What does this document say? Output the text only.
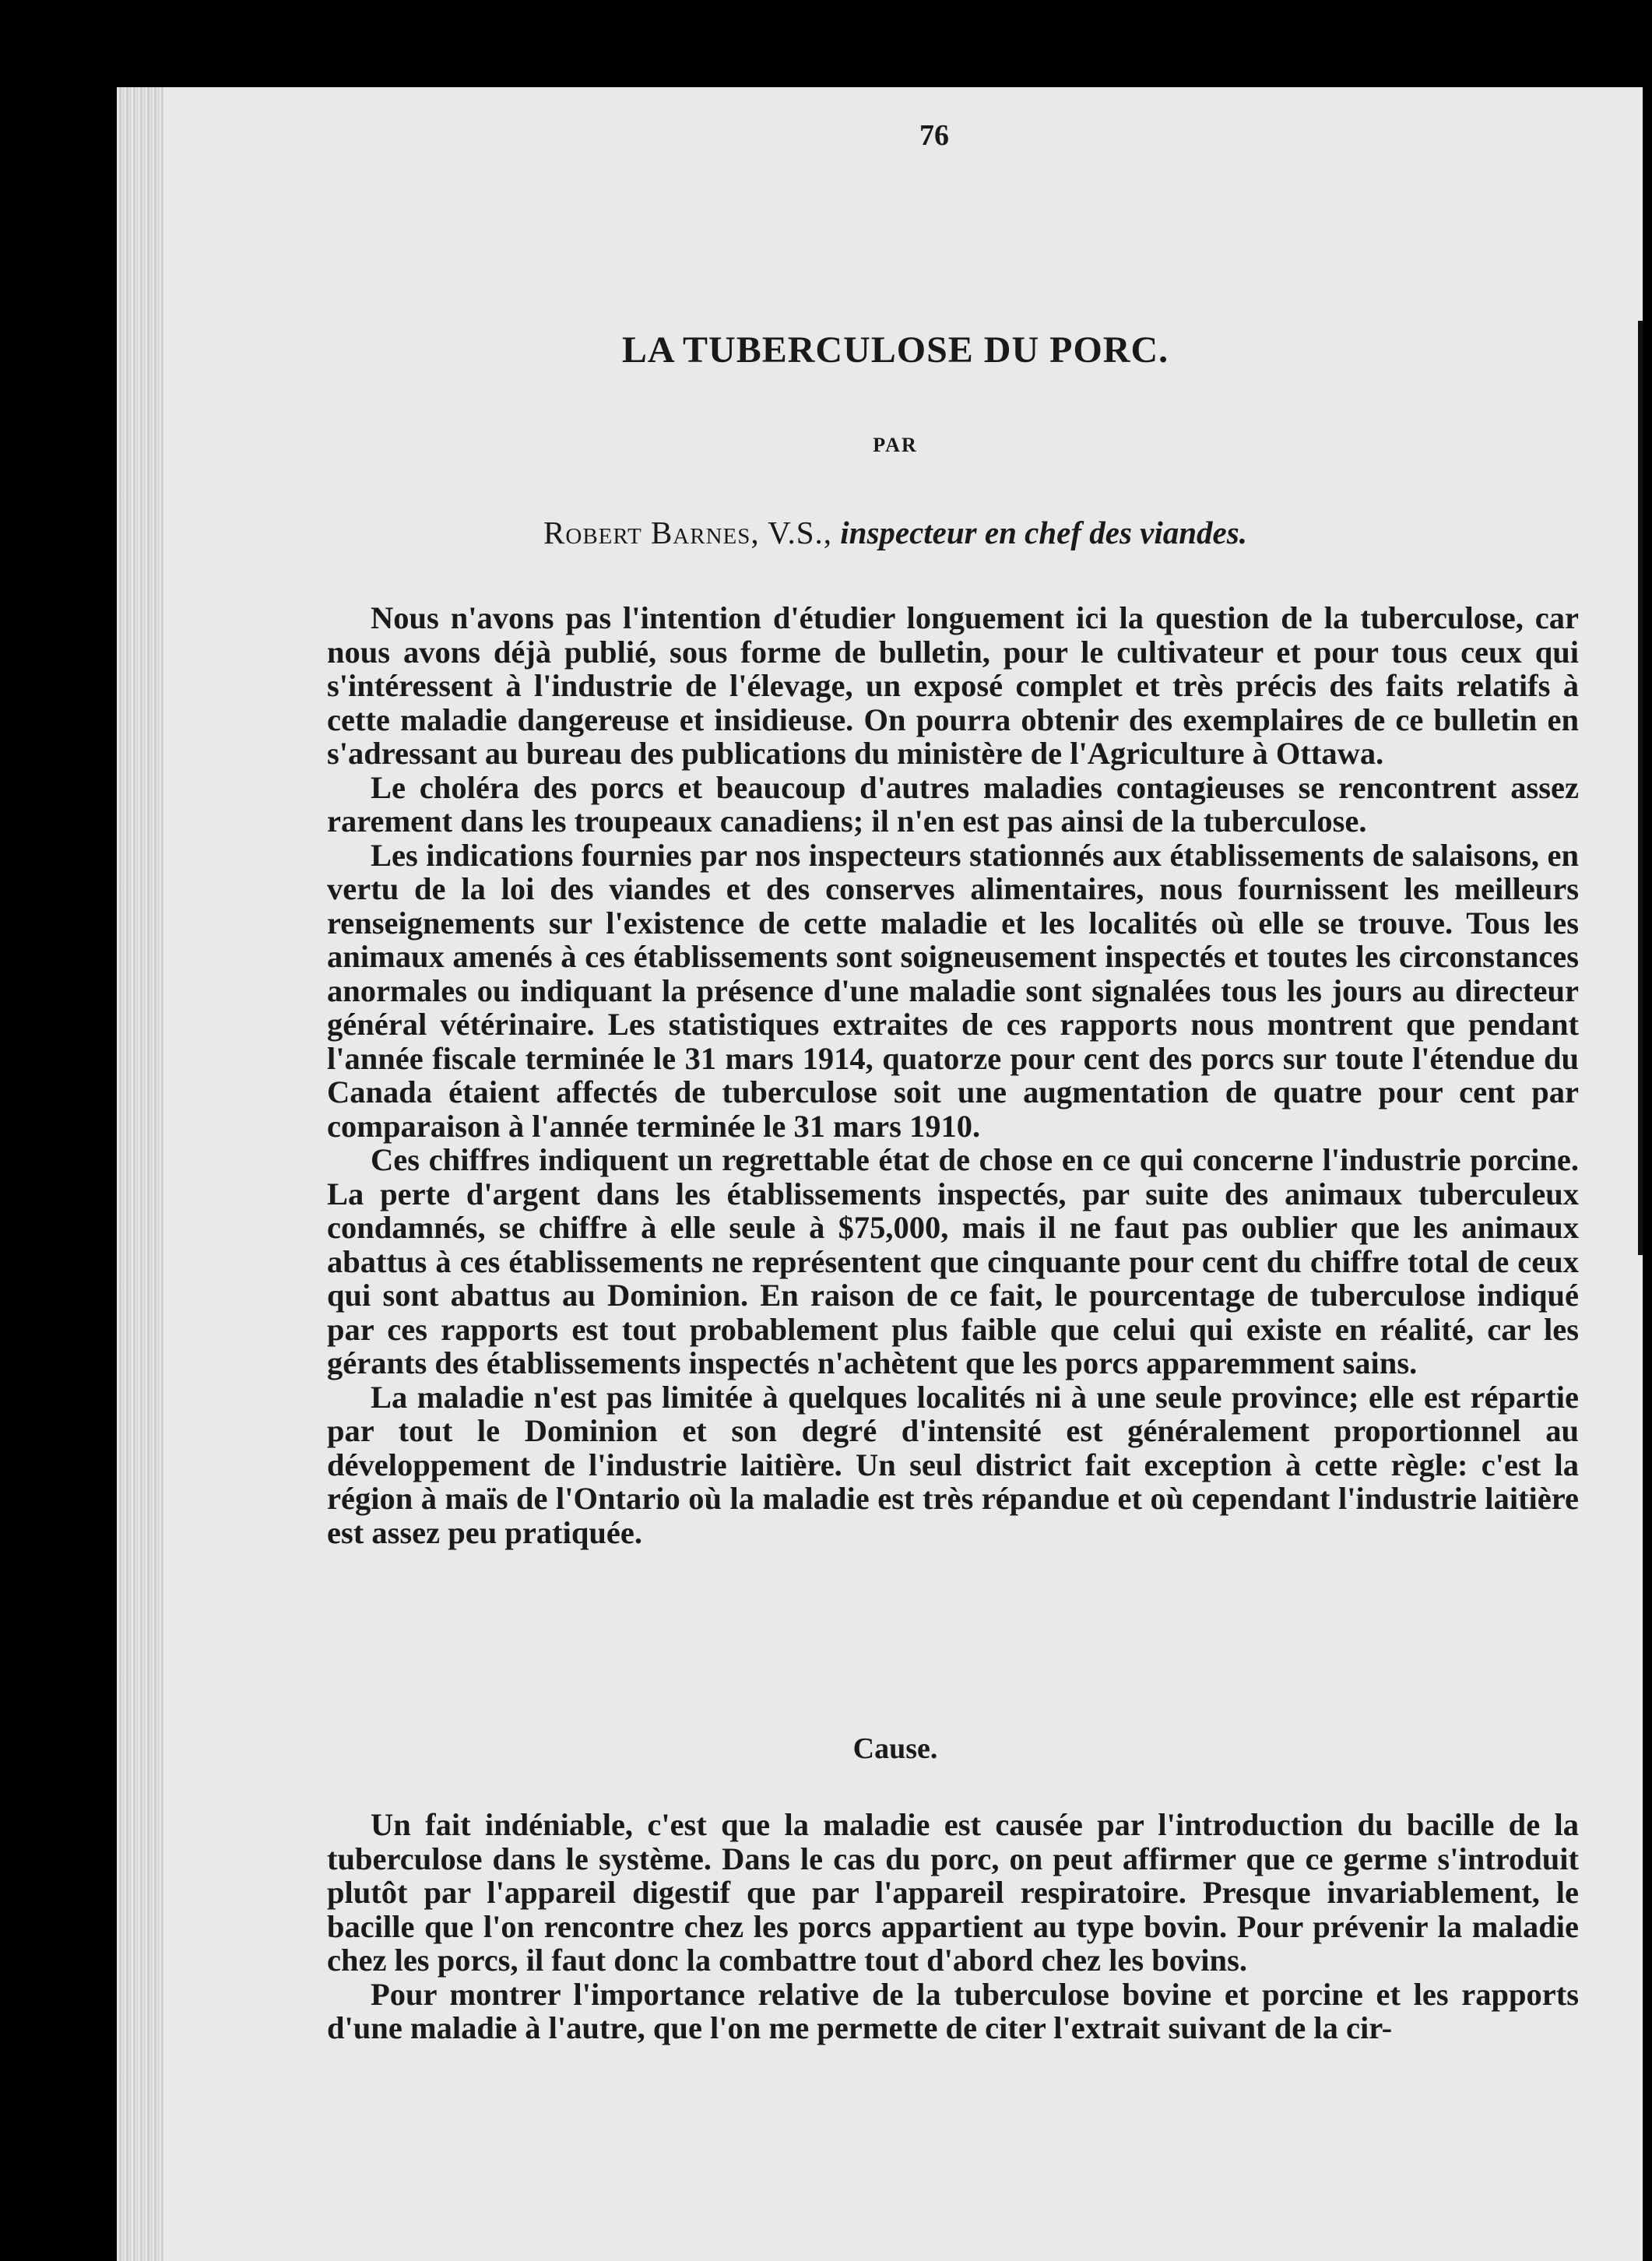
76
LA TUBERCULOSE DU PORC.
PAR
Robert Barnes, V.S., inspecteur en chef des viandes.

Nous n'avons pas l'intention d'étudier longuement ici la question de la tuberculose, car nous avons déjà publié, sous forme de bulletin, pour le cultivateur et pour tous ceux qui s'intéressent à l'industrie de l'élevage, un exposé complet et très précis des faits relatifs à cette maladie dangereuse et insidieuse. On pourra obtenir des exemplaires de ce bulletin en s'adressant au bureau des publications du ministère de l'Agriculture à Ottawa.

Le choléra des porcs et beaucoup d'autres maladies contagieuses se rencontrent assez rarement dans les troupeaux canadiens; il n'en est pas ainsi de la tuberculose.

Les indications fournies par nos inspecteurs stationnés aux établissements de salaisons, en vertu de la loi des viandes et des conserves alimentaires, nous fournissent les meilleurs renseignements sur l'existence de cette maladie et les localités où elle se trouve. Tous les animaux amenés à ces établissements sont soigneusement inspectés et toutes les circonstances anormales ou indiquant la présence d'une maladie sont signalées tous les jours au directeur général vétérinaire. Les statistiques extraites de ces rapports nous montrent que pendant l'année fiscale terminée le 31 mars 1914, quatorze pour cent des porcs sur toute l'étendue du Canada étaient affectés de tuberculose soit une augmentation de quatre pour cent par comparaison à l'année terminée le 31 mars 1910.

Ces chiffres indiquent un regrettable état de chose en ce qui concerne l'industrie porcine. La perte d'argent dans les établissements inspectés, par suite des animaux tuberculeux condamnés, se chiffre à elle seule à $75,000, mais il ne faut pas oublier que les animaux abattus à ces établissements ne représentent que cinquante pour cent du chiffre total de ceux qui sont abattus au Dominion. En raison de ce fait, le pourcentage de tuberculose indiqué par ces rapports est tout probablement plus faible que celui qui existe en réalité, car les gérants des établissements inspectés n'achètent que les porcs apparemment sains.

La maladie n'est pas limitée à quelques localités ni à une seule province; elle est répartie par tout le Dominion et son degré d'intensité est généralement proportionnel au développement de l'industrie laitière. Un seul district fait exception à cette règle: c'est la région à maïs de l'Ontario où la maladie est très répandue et où cependant l'industrie laitière est assez peu pratiquée.

Cause.

Un fait indéniable, c'est que la maladie est causée par l'introduction du bacille de la tuberculose dans le système. Dans le cas du porc, on peut affirmer que ce germe s'introduit plutôt par l'appareil digestif que par l'appareil respiratoire. Presque invariablement, le bacille que l'on rencontre chez les porcs appartient au type bovin. Pour prévenir la maladie chez les porcs, il faut donc la combattre tout d'abord chez les bovins.

Pour montrer l'importance relative de la tuberculose bovine et porcine et les rapports d'une maladie à l'autre, que l'on me permette de citer l'extrait suivant de la cir-
